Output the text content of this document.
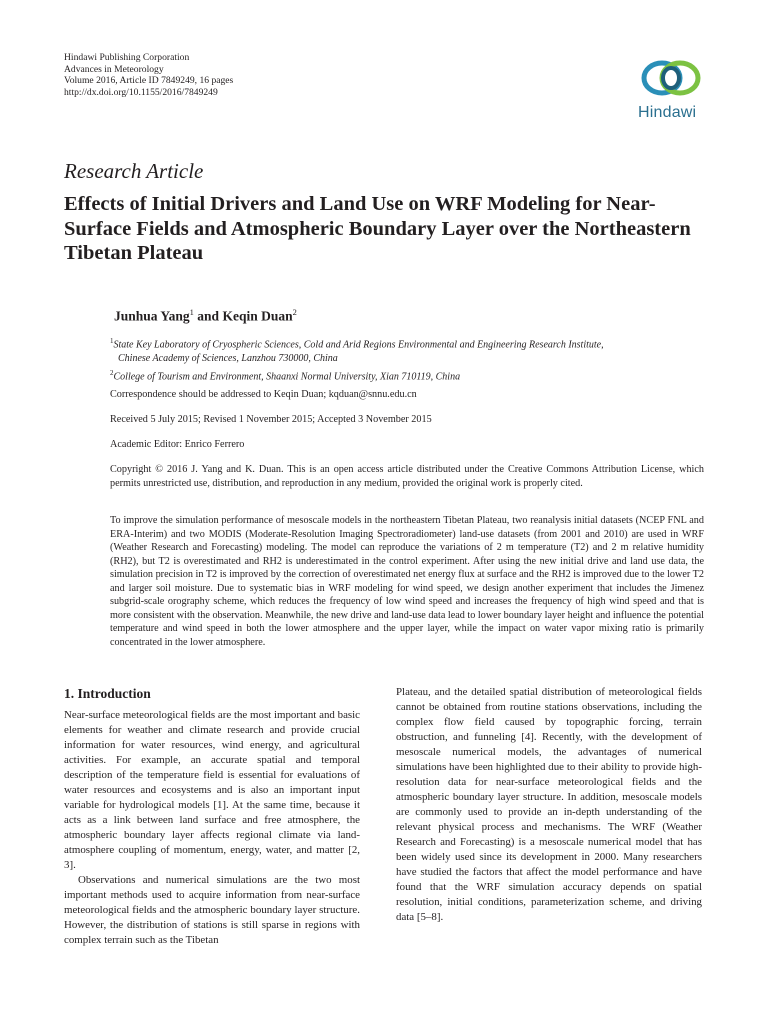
Hindawi Publishing Corporation
Advances in Meteorology
Volume 2016, Article ID 7849249, 16 pages
http://dx.doi.org/10.1155/2016/7849249
Hindawi
Research Article
Effects of Initial Drivers and Land Use on WRF Modeling for Near-Surface Fields and Atmospheric Boundary Layer over the Northeastern Tibetan Plateau
Junhua Yang$^1$ and Keqin Duan$^2$
$^1$State Key Laboratory of Cryospheric Sciences, Cold and Arid Regions Environmental and Engineering Research Institute,
Chinese Academy of Sciences, Lanzhou 730000, China
$^2$College of Tourism and Environment, Shaanxi Normal University, Xian 710119, China
Correspondence should be addressed to Keqin Duan; kqduan@snnu.edu.cn
Received 5 July 2015; Revised 1 November 2015; Accepted 3 November 2015
Academic Editor: Enrico Ferrero
Copyright © 2016 J. Yang and K. Duan. This is an open access article distributed under the Creative Commons Attribution License, which permits unrestricted use, distribution, and reproduction in any medium, provided the original work is properly cited.
To improve the simulation performance of mesoscale models in the northeastern Tibetan Plateau, two reanalysis initial datasets (NCEP FNL and ERA-Interim) and two MODIS (Moderate-Resolution Imaging Spectroradiometer) land-use datasets (from 2001 and 2010) are used in WRF (Weather Research and Forecasting) modeling. The model can reproduce the variations of 2 m temperature (T2) and 2 m relative humidity (RH2), but T2 is overestimated and RH2 is underestimated in the control experiment. After using the new initial drive and land use data, the simulation precision in T2 is improved by the correction of overestimated net energy flux at surface and the RH2 is improved due to the lower T2 and larger soil moisture. Due to systematic bias in WRF modeling for wind speed, we design another experiment that includes the Jimenez subgrid-scale orography scheme, which reduces the frequency of low wind speed and increases the frequency of high wind speed and that is more consistent with the observation. Meanwhile, the new drive and land-use data lead to lower boundary layer height and influence the potential temperature and wind speed in both the lower atmosphere and the upper layer, while the impact on water vapor mixing ratio is primarily concentrated in the lower atmosphere.
1. Introduction

Near-surface meteorological fields are the most important and basic elements for weather and climate research and provide crucial information for water resources, wind energy, and agricultural activities. For example, an accurate spatial and temporal description of the temperature field is essential for evaluations of water resources and ecosystems and is also an important input variable for hydrological models [1]. At the same time, because it acts as a link between land surface and free atmosphere, the atmospheric boundary layer affects regional climate via land-atmosphere coupling of momentum, energy, water, and matter [2, 3].

Observations and numerical simulations are the two most important methods used to acquire information from near-surface meteorological fields and the atmospheric boundary layer structure. However, the distribution of stations is still sparse in regions with complex terrain such as the Tibetan

Plateau, and the detailed spatial distribution of meteorological fields cannot be obtained from routine stations observations, including the complex flow field caused by topographic forcing, terrain obstruction, and funneling [4]. Recently, with the development of mesoscale numerical models, the advantages of numerical simulations have been highlighted due to their ability to provide high-resolution data for near-surface meteorological fields and the atmospheric boundary layer structure. In addition, mesoscale models are commonly used to provide an in-depth understanding of the relevant physical process and mechanisms. The WRF (Weather Research and Forecasting) is a mesoscale numerical model that has been widely used since its development in 2000. Many researchers have studied the factors that affect the model performance and have found that the WRF simulation accuracy depends on spatial resolution, initial conditions, parameterization scheme, and driving data [5–8].
